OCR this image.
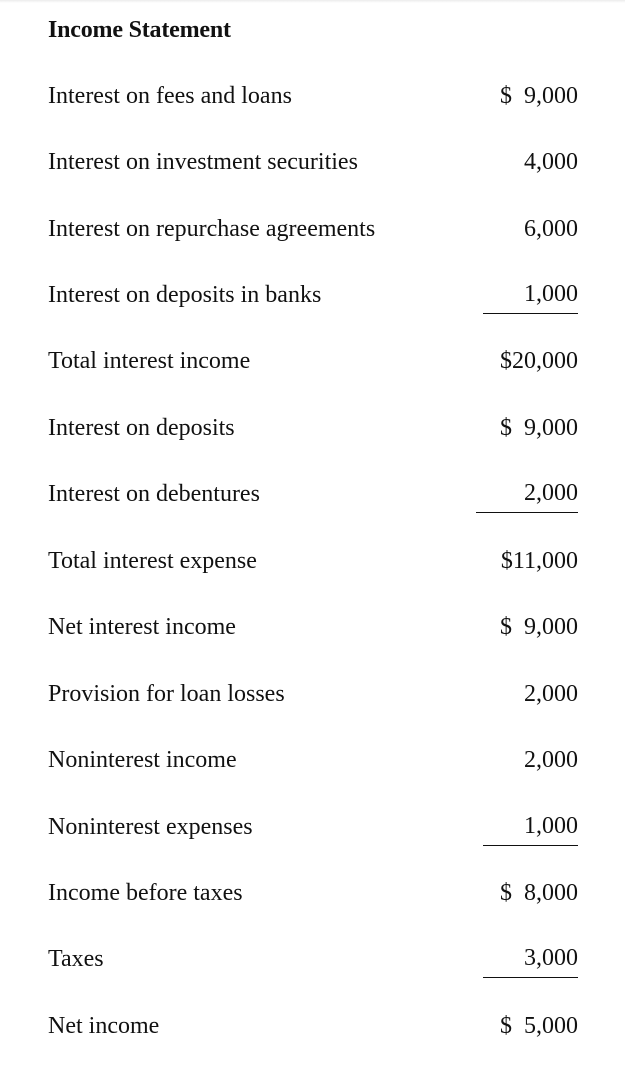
Income Statement
Interest on fees and loans	$  9,000
Interest on investment securities	4,000
Interest on repurchase agreements	6,000
Interest on deposits in banks	1,000
Total interest income	$20,000
Interest on deposits	$  9,000
Interest on debentures	2,000
Total interest expense	$11,000
Net interest income	$  9,000
Provision for loan losses	2,000
Noninterest income	2,000
Noninterest expenses	1,000
Income before taxes	$  8,000
Taxes	3,000
Net income	$  5,000
